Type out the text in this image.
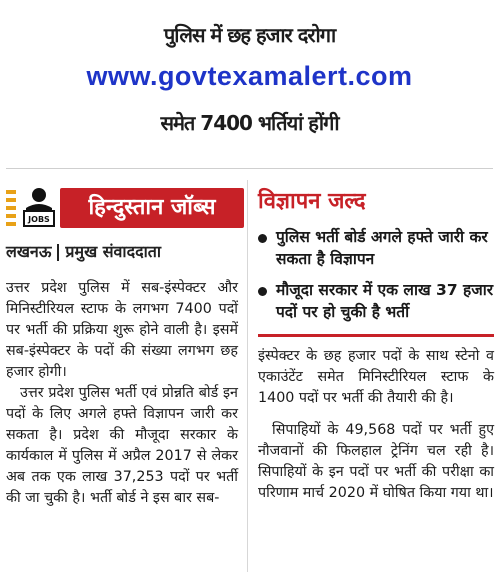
पुलिस में छह हजार दरोगा
www.govtexamalert.com
समेत 7400 भर्तियां होंगी
JOBS	हिन्दुस्तान जॉब्स
लखनऊ प्रमुख संवाददाता

उत्तर प्रदेश पुलिस में सब-इंस्पेक्टर और मिनिस्टीरियल स्टाफ के लगभग 7400 पदों पर भर्ती की प्रक्रिया शुरू होने वाली है। इसमें सब-इंस्पेक्टर के पदों की संख्या लगभग छह हजार होगी।

उत्तर प्रदेश पुलिस भर्ती एवं प्रोन्नति बोर्ड इन पदों के लिए अगले हफ्ते विज्ञापन जारी कर सकता है। प्रदेश की मौजूदा सरकार के कार्यकाल में पुलिस में अप्रैल 2017 से लेकर अब तक एक लाख 37,253 पदों पर भर्ती की जा चुकी है। भर्ती बोर्ड ने इस बार सब-

विज्ञापन जल्द
पुलिस भर्ती बोर्ड अगले हफ्ते जारी कर सकता है विज्ञापन
मौजूदा सरकार में एक लाख 37 हजार पदों पर हो चुकी है भर्ती

इंस्पेक्टर के छह हजार पदों के साथ स्टेनो व एकाउंटेंट समेत मिनिस्टीरियल स्टाफ के 1400 पदों पर भर्ती की तैयारी की है।

सिपाहियों के 49,568 पदों पर भर्ती हुए नौजवानों की फिलहाल ट्रेनिंग चल रही है। सिपाहियों के इन पदों पर भर्ती की परीक्षा का परिणाम मार्च 2020 में घोषित किया गया था।
